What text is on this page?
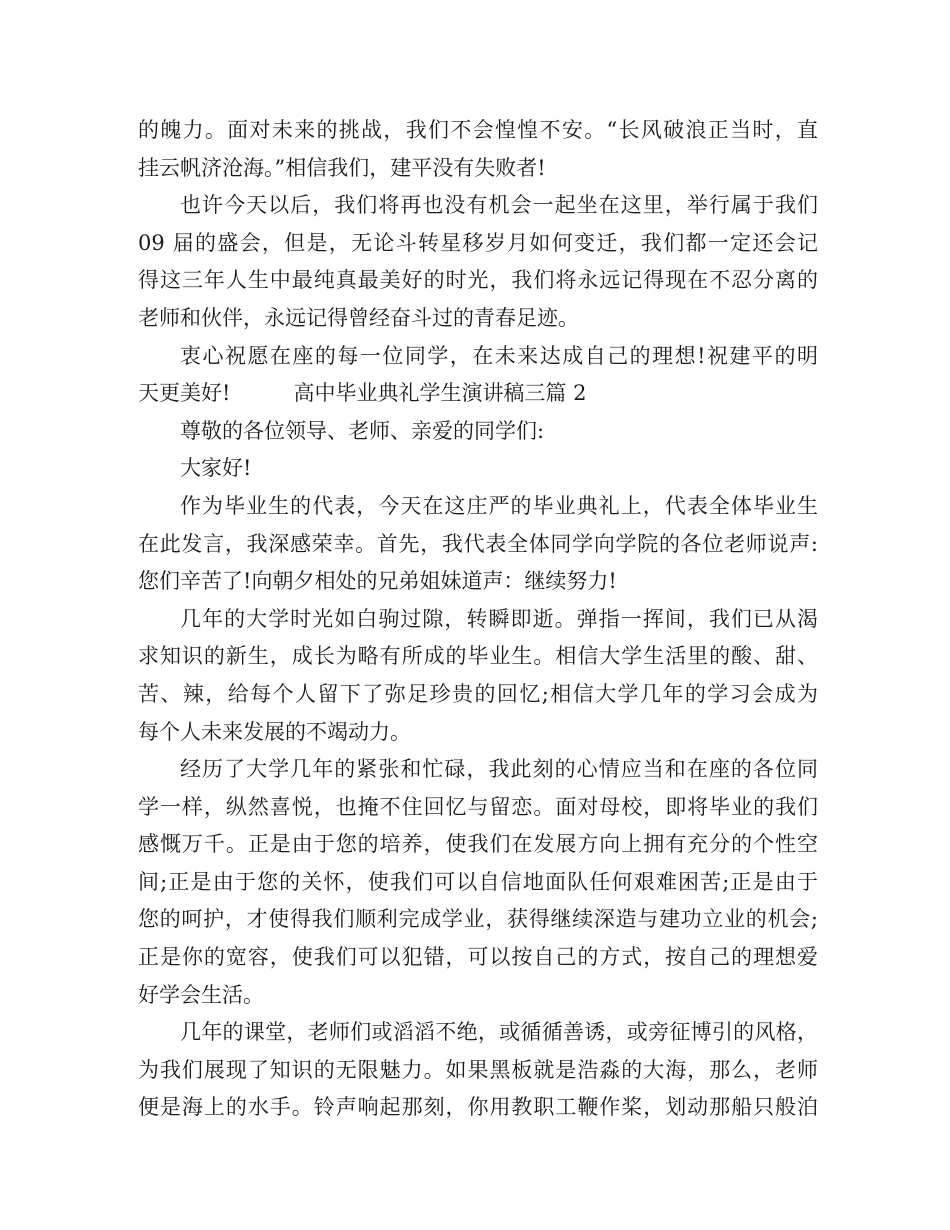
的魄力。面对未来的挑战，我们不会惶惶不安。“长风破浪正当时，直
挂云帆济沧海。”相信我们，建平没有失败者!
也许今天以后，我们将再也没有机会一起坐在这里，举行属于我们
09 届的盛会，但是，无论斗转星移岁月如何变迁，我们都一定还会记
得这三年人生中最纯真最美好的时光，我们将永远记得现在不忍分离的
老师和伙伴，永远记得曾经奋斗过的青春足迹。
衷心祝愿在座的每一位同学，在未来达成自己的理想!祝建平的明
天更美好!　　　高中毕业典礼学生演讲稿三篇 2
尊敬的各位领导、老师、亲爱的同学们:
大家好!
作为毕业生的代表，今天在这庄严的毕业典礼上，代表全体毕业生
在此发言，我深感荣幸。首先，我代表全体同学向学院的各位老师说声:
您们辛苦了!向朝夕相处的兄弟姐妹道声：继续努力!
几年的大学时光如白驹过隙，转瞬即逝。弹指一挥间，我们已从渴
求知识的新生，成长为略有所成的毕业生。相信大学生活里的酸、甜、
苦、辣，给每个人留下了弥足珍贵的回忆;相信大学几年的学习会成为
每个人未来发展的不竭动力。
经历了大学几年的紧张和忙碌，我此刻的心情应当和在座的各位同
学一样，纵然喜悦，也掩不住回忆与留恋。面对母校，即将毕业的我们
感慨万千。正是由于您的培养，使我们在发展方向上拥有充分的个性空
间;正是由于您的关怀，使我们可以自信地面队任何艰难困苦;正是由于
您的呵护，才使得我们顺利完成学业，获得继续深造与建功立业的机会;
正是你的宽容，使我们可以犯错，可以按自己的方式，按自己的理想爱
好学会生活。
几年的课堂，老师们或滔滔不绝，或循循善诱，或旁征博引的风格，
为我们展现了知识的无限魅力。如果黑板就是浩淼的大海，那么，老师
便是海上的水手。铃声响起那刻，你用教职工鞭作桨，划动那船只般泊
